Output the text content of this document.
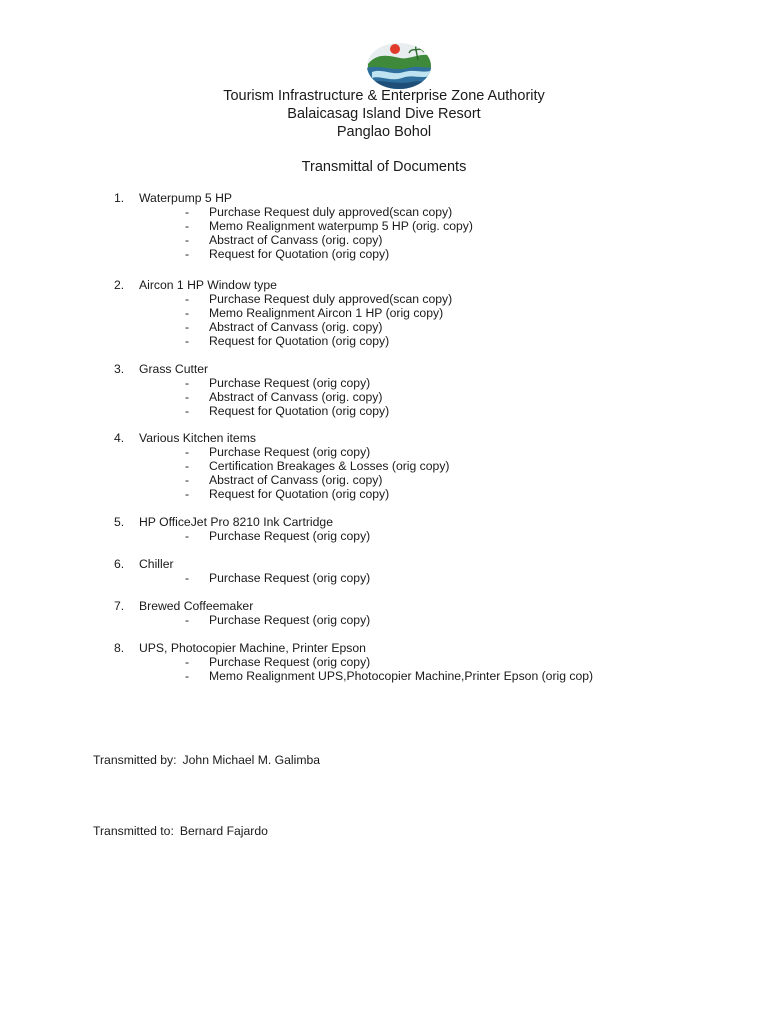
Tourism Infrastructure & Enterprise Zone Authority
Balaicasag Island Dive Resort
Panglao Bohol
Transmittal of Documents
1. Waterpump 5 HP
- Purchase Request duly approved(scan copy)
- Memo Realignment waterpump 5 HP (orig. copy)
- Abstract of Canvass (orig. copy)
- Request for Quotation (orig copy)
2. Aircon 1 HP Window type
- Purchase Request duly approved(scan copy)
- Memo Realignment Aircon 1 HP (orig copy)
- Abstract of Canvass (orig. copy)
- Request for Quotation (orig copy)
3. Grass Cutter
- Purchase Request (orig copy)
- Abstract of Canvass (orig. copy)
- Request for Quotation (orig copy)
4. Various Kitchen items
- Purchase Request (orig copy)
- Certification Breakages & Losses (orig copy)
- Abstract of Canvass (orig. copy)
- Request for Quotation (orig copy)
5. HP OfficeJet Pro 8210 Ink Cartridge
- Purchase Request (orig copy)
6. Chiller
- Purchase Request (orig copy)
7. Brewed Coffeemaker
- Purchase Request (orig copy)
8. UPS, Photocopier Machine, Printer Epson
- Purchase Request (orig copy)
- Memo Realignment UPS,Photocopier Machine,Printer Epson (orig cop)
Transmitted by: John Michael M. Galimba
Transmitted to: Bernard Fajardo
